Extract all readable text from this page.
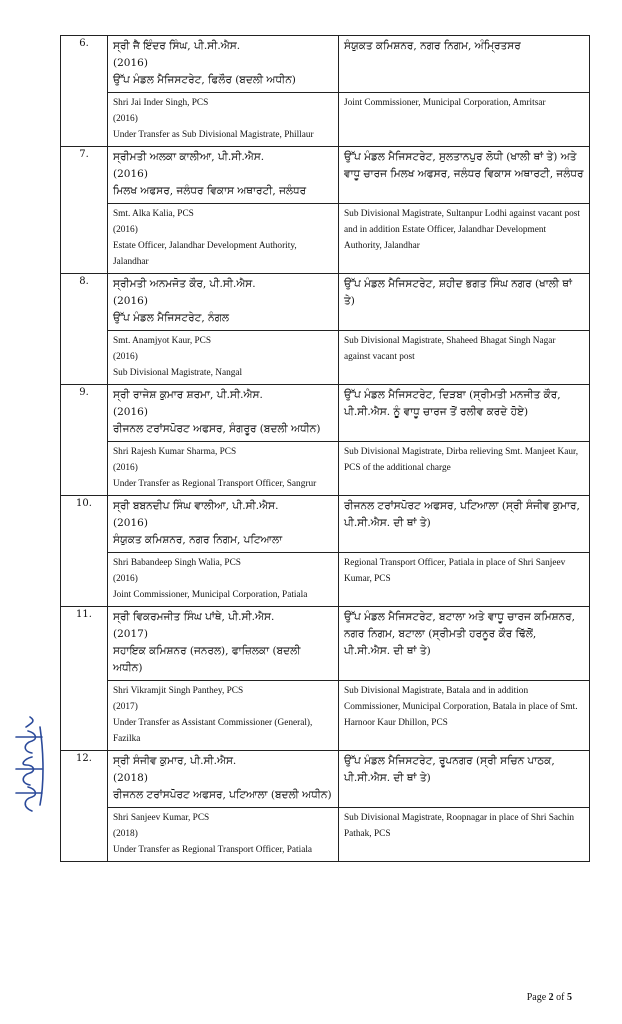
6.	ਸ੍ਰੀ ਜੈ ਇੰਦਰ ਸਿੰਘ, ਪੀ.ਸੀ.ਐਸ.
(2016)
ਉੱਪ ਮੰਡਲ ਮੈਜਿਸਟਰੇਟ, ਫਿਲੌਰ (ਬਦਲੀ ਅਧੀਨ)	ਸੰਯੁਕਤ ਕਮਿਸ਼ਨਰ, ਨਗਰ ਨਿਗਮ, ਅੰਮ੍ਰਿਤਸਰ

	Shri Jai Inder Singh, PCS
(2016)
Under Transfer as Sub Divisional Magistrate, Phillaur	Joint Commissioner, Municipal Corporation, Amritsar
7.	ਸ੍ਰੀਮਤੀ ਅਲਕਾ ਕਾਲੀਆ, ਪੀ.ਸੀ.ਐਸ.
(2016)
ਮਿਲਖ ਅਫਸਰ, ਜਲੰਧਰ ਵਿਕਾਸ ਅਥਾਰਟੀ, ਜਲੰਧਰ	ਉੱਪ ਮੰਡਲ ਮੈਜਿਸਟਰੇਟ, ਸੁਲਤਾਨਪੁਰ ਲੋਧੀ (ਖਾਲੀ ਥਾਂ ਤੇ) ਅਤੇ ਵਾਧੂ ਚਾਰਜ ਮਿਲਖ ਅਫਸਰ, ਜਲੰਧਰ ਵਿਕਾਸ ਅਥਾਰਟੀ, ਜਲੰਧਰ

	Smt. Alka Kalia, PCS
(2016)
Estate Officer, Jalandhar Development Authority, Jalandhar	Sub Divisional Magistrate, Sultanpur Lodhi against vacant post and in addition Estate Officer, Jalandhar Development Authority, Jalandhar
8.	ਸ੍ਰੀਮਤੀ ਅਨਮਜੋਤ ਕੌਰ, ਪੀ.ਸੀ.ਐਸ.
(2016)
ਉੱਪ ਮੰਡਲ ਮੈਜਿਸਟਰੇਟ, ਨੰਗਲ	ਉੱਪ ਮੰਡਲ ਮੈਜਿਸਟਰੇਟ, ਸ਼ਹੀਦ ਭਗਤ ਸਿੰਘ ਨਗਰ (ਖਾਲੀ ਥਾਂ ਤੇ)

	Smt. Anamjyot Kaur, PCS
(2016)
Sub Divisional Magistrate, Nangal	Sub Divisional Magistrate, Shaheed Bhagat Singh Nagar against vacant post
9.	ਸ੍ਰੀ ਰਾਜੇਸ਼ ਕੁਮਾਰ ਸ਼ਰਮਾ, ਪੀ.ਸੀ.ਐਸ.
(2016)
ਰੀਜਨਲ ਟਰਾਂਸਪੋਰਟ ਅਫਸਰ, ਸੰਗਰੂਰ (ਬਦਲੀ ਅਧੀਨ)	ਉੱਪ ਮੰਡਲ ਮੈਜਿਸਟਰੇਟ, ਦਿੜਬਾ (ਸ੍ਰੀਮਤੀ ਮਨਜੀਤ ਕੌਰ, ਪੀ.ਸੀ.ਐਸ. ਨੂੰ ਵਾਧੂ ਚਾਰਜ ਤੋਂ ਰਲੀਵ ਕਰਦੇ ਹੋਏ)

	Shri Rajesh Kumar Sharma, PCS
(2016)
Under Transfer as Regional Transport Officer, Sangrur	Sub Divisional Magistrate, Dirba relieving Smt. Manjeet Kaur, PCS of the additional charge
10.	ਸ੍ਰੀ ਬਬਨਦੀਪ ਸਿੰਘ ਵਾਲੀਆ, ਪੀ.ਸੀ.ਐਸ.
(2016)
ਸੰਯੁਕਤ ਕਮਿਸ਼ਨਰ, ਨਗਰ ਨਿਗਮ, ਪਟਿਆਲਾ	ਰੀਜਨਲ ਟਰਾਂਸਪੋਰਟ ਅਫਸਰ, ਪਟਿਆਲਾ (ਸ੍ਰੀ ਸੰਜੀਵ ਕੁਮਾਰ, ਪੀ.ਸੀ.ਐਸ. ਦੀ ਥਾਂ ਤੇ)

	Shri Babandeep Singh Walia, PCS
(2016)
Joint Commissioner, Municipal Corporation, Patiala	Regional Transport Officer, Patiala in place of Shri Sanjeev Kumar, PCS
11.	ਸ੍ਰੀ ਵਿਕਰਮਜੀਤ ਸਿੰਘ ਪਾਂਥੇ, ਪੀ.ਸੀ.ਐਸ.
(2017)
ਸਹਾਇਕ ਕਮਿਸ਼ਨਰ (ਜਨਰਲ), ਫਾਜ਼ਿਲਕਾ (ਬਦਲੀ ਅਧੀਨ)	ਉੱਪ ਮੰਡਲ ਮੈਜਿਸਟਰੇਟ, ਬਟਾਲਾ ਅਤੇ ਵਾਧੂ ਚਾਰਜ ਕਮਿਸ਼ਨਰ, ਨਗਰ ਨਿਗਮ, ਬਟਾਲਾ (ਸ੍ਰੀਮਤੀ ਹਰਨੂਰ ਕੌਰ ਢਿੱਲੋਂ, ਪੀ.ਸੀ.ਐਸ. ਦੀ ਥਾਂ ਤੇ)

	Shri Vikramjit Singh Panthey, PCS
(2017)
Under Transfer as Assistant Commissioner (General), Fazilka	Sub Divisional Magistrate, Batala and in addition Commissioner, Municipal Corporation, Batala in place of Smt. Harnoor Kaur Dhillon, PCS
12.	ਸ੍ਰੀ ਸੰਜੀਵ ਕੁਮਾਰ, ਪੀ.ਸੀ.ਐਸ.
(2018)
ਰੀਜਨਲ ਟਰਾਂਸਪੋਰਟ ਅਫਸਰ, ਪਟਿਆਲਾ (ਬਦਲੀ ਅਧੀਨ)	ਉੱਪ ਮੰਡਲ ਮੈਜਿਸਟਰੇਟ, ਰੂਪਨਗਰ (ਸ੍ਰੀ ਸਚਿਨ ਪਾਠਕ, ਪੀ.ਸੀ.ਐਸ. ਦੀ ਥਾਂ ਤੇ)

	Shri Sanjeev Kumar, PCS
(2018)
Under Transfer as Regional Transport Officer, Patiala	Sub Divisional Magistrate, Roopnagar in place of Shri Sachin Pathak, PCS
Page 2 of 5
